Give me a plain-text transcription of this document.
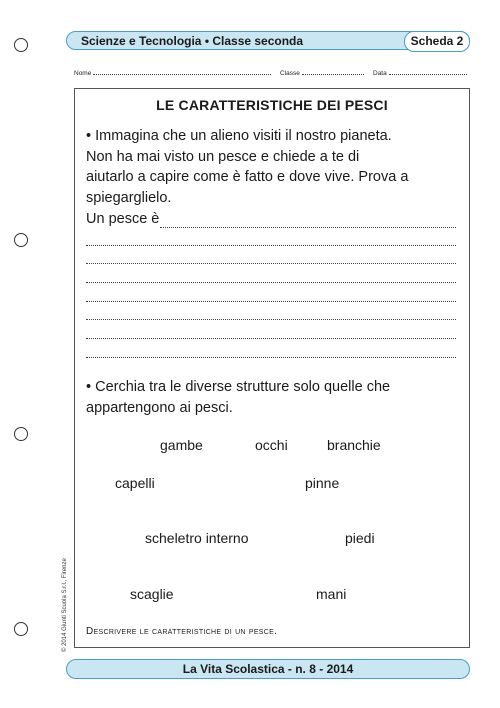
Scienze e Tecnologia • Classe seconda	Scheda 2
Nome	Classe	Data
LE CARATTERISTICHE DEI PESCI
• Immagina che un alieno visiti il nostro pianeta.
Non ha mai visto un pesce e chiede a te di
aiutarlo a capire come è fatto e dove vive. Prova a
spiegarglielo.
Un pesce è
• Cerchia tra le diverse strutture solo quelle che
appartengono ai pesci.
gambe	occhi	branchie
capelli	pinne
scheletro interno	piedi
scaglie	mani
Descrivere le caratteristiche di un pesce.
La Vita Scolastica - n. 8 - 2014
© 2014 Giunti Scuola S.r.l., Firenze
